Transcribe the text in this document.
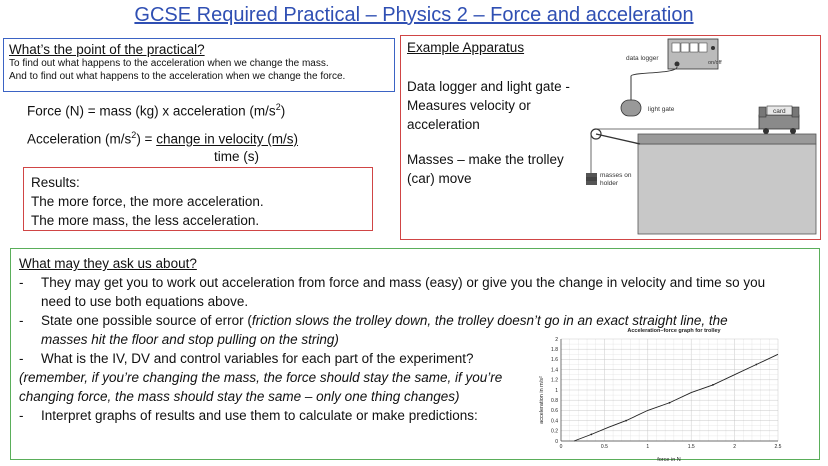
GCSE Required Practical – Physics 2 – Force and acceleration
What’s the point of the practical?
To find out what happens to the acceleration when we change the mass.
And to find out what happens to the acceleration when we change the force.
Force (N) = mass (kg) x acceleration $(m/s^2)$
Acceleration $(m/s^2)$ = change in velocity (m/s)
time (s)
Results:
The more force, the more acceleration.
The more mass, the less acceleration.
Example Apparatus
Data logger and light gate -
Measures velocity or
acceleration
Masses – make the trolley
(car) move	masses on
holder
card
light gate
on/off
data logger
What may they ask us about?
- They may get you to work out acceleration from force and mass (easy) or give you the change in velocity and time so you
need to use both equations above.
- State one possible source of error (friction slows the trolley down, the trolley doesn’t go in an exact straight line, the
masses hit the floor and stop pulling on the string)
- What is the IV, DV and control variables for each part of the experiment?
(remember, if you’re changing the mass, the force should stay the same, if you’re
changing force, the mass should stay the same – only one thing changes)
- Interpret graphs of results and use them to calculate or make predictions:
0	0.5	1	1.5	2	2.5
0
0.2
0.4
0.6
0.8
1
1.2
1.4
1.6
1.8
2
Acceleration–force graph for trolley
force in N
acceleration in m/s²
